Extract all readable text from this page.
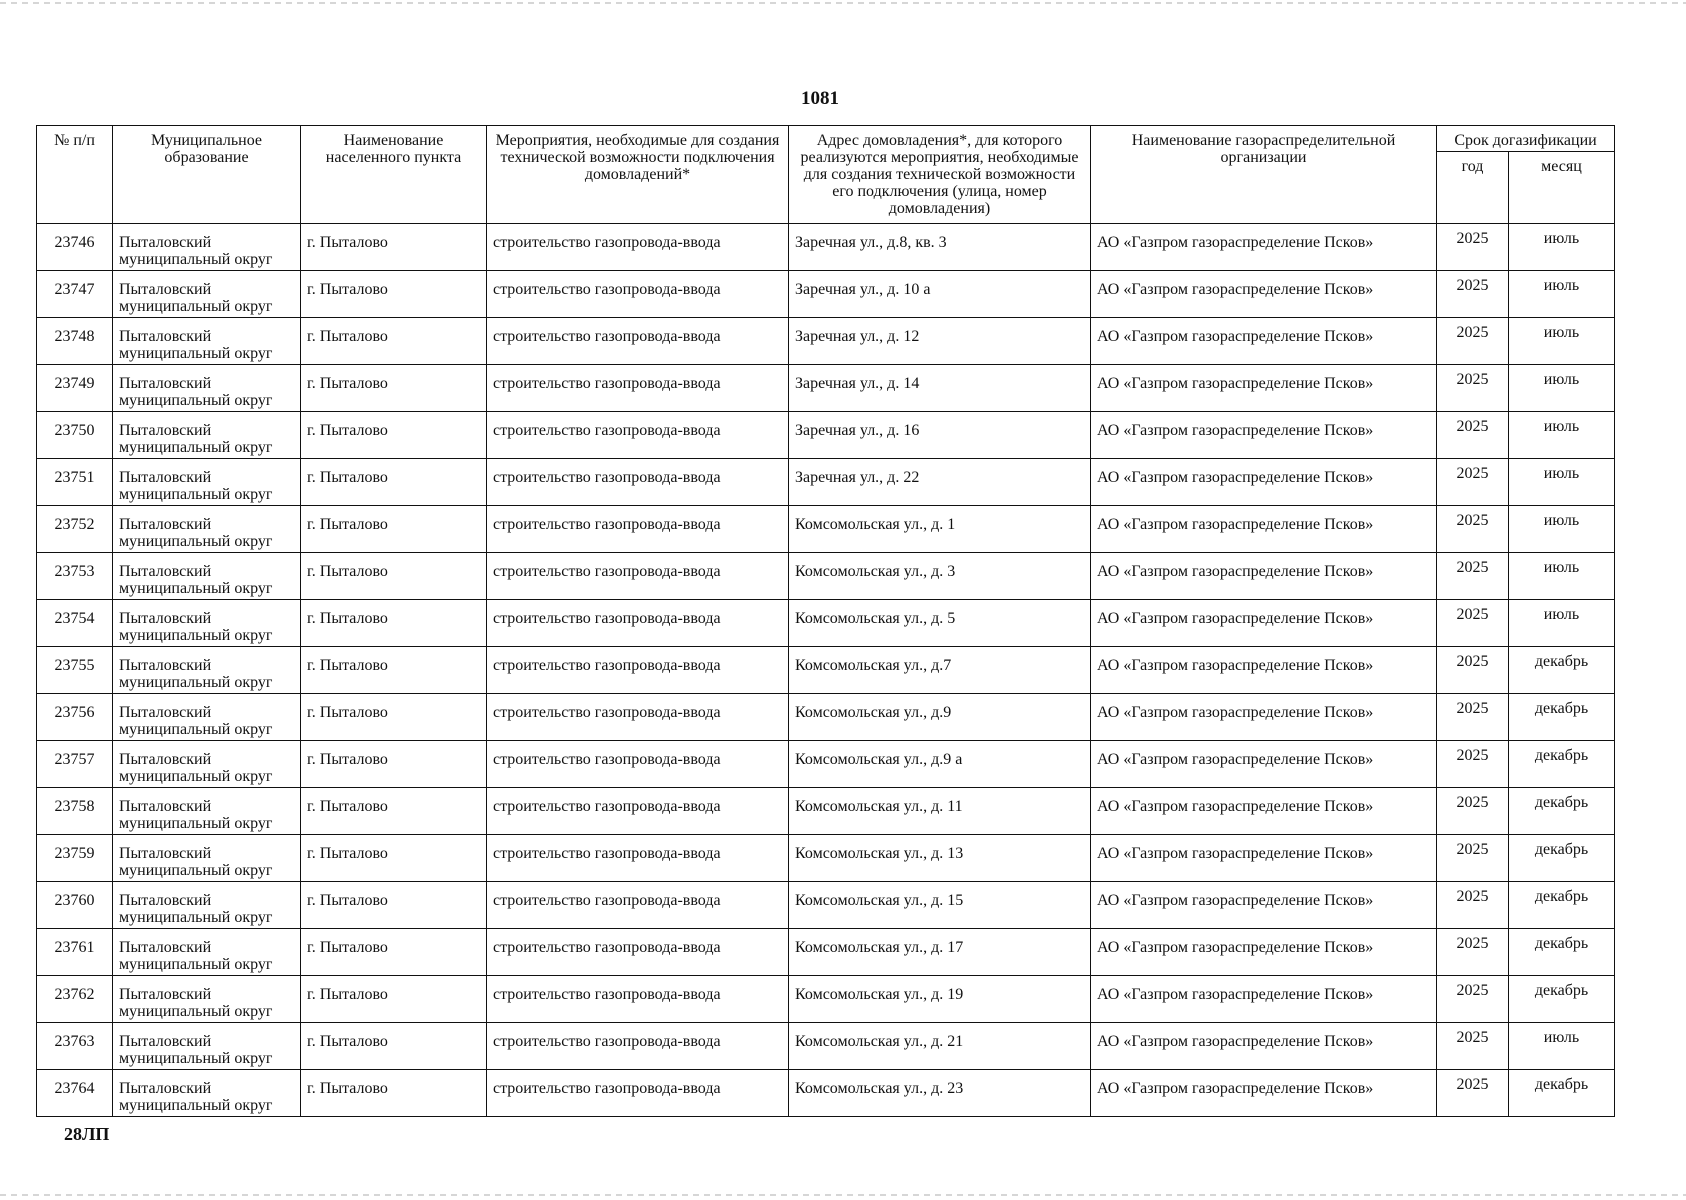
1081
№ п/п	Муниципальное образование	Наименование населенного пункта	Мероприятия, необходимые для создания технической возможности подключения домовладений*	Адрес домовладения*, для которого реализуются мероприятия, необходимые для создания технической возможности его подключения (улица, номер домовладения)	Наименование газораспределительной организации	Срок догазификации	
						год	месяц
23746	Пыталовский муниципальный округ	г. Пыталово	строительство газопровода-ввода	Заречная ул., д.8, кв. 3	АО «Газпром газораспределение Псков»	2025	июль
23747	Пыталовский муниципальный округ	г. Пыталово	строительство газопровода-ввода	Заречная ул., д. 10 а	АО «Газпром газораспределение Псков»	2025	июль
23748	Пыталовский муниципальный округ	г. Пыталово	строительство газопровода-ввода	Заречная ул., д. 12	АО «Газпром газораспределение Псков»	2025	июль
23749	Пыталовский муниципальный округ	г. Пыталово	строительство газопровода-ввода	Заречная ул., д. 14	АО «Газпром газораспределение Псков»	2025	июль
23750	Пыталовский муниципальный округ	г. Пыталово	строительство газопровода-ввода	Заречная ул., д. 16	АО «Газпром газораспределение Псков»	2025	июль
23751	Пыталовский муниципальный округ	г. Пыталово	строительство газопровода-ввода	Заречная ул., д. 22	АО «Газпром газораспределение Псков»	2025	июль
23752	Пыталовский муниципальный округ	г. Пыталово	строительство газопровода-ввода	Комсомольская ул., д. 1	АО «Газпром газораспределение Псков»	2025	июль
23753	Пыталовский муниципальный округ	г. Пыталово	строительство газопровода-ввода	Комсомольская ул., д. 3	АО «Газпром газораспределение Псков»	2025	июль
23754	Пыталовский муниципальный округ	г. Пыталово	строительство газопровода-ввода	Комсомольская ул., д. 5	АО «Газпром газораспределение Псков»	2025	июль
23755	Пыталовский муниципальный округ	г. Пыталово	строительство газопровода-ввода	Комсомольская ул., д.7	АО «Газпром газораспределение Псков»	2025	декабрь
23756	Пыталовский муниципальный округ	г. Пыталово	строительство газопровода-ввода	Комсомольская ул., д.9	АО «Газпром газораспределение Псков»	2025	декабрь
23757	Пыталовский муниципальный округ	г. Пыталово	строительство газопровода-ввода	Комсомольская ул., д.9 а	АО «Газпром газораспределение Псков»	2025	декабрь
23758	Пыталовский муниципальный округ	г. Пыталово	строительство газопровода-ввода	Комсомольская ул., д. 11	АО «Газпром газораспределение Псков»	2025	декабрь
23759	Пыталовский муниципальный округ	г. Пыталово	строительство газопровода-ввода	Комсомольская ул., д. 13	АО «Газпром газораспределение Псков»	2025	декабрь
23760	Пыталовский муниципальный округ	г. Пыталово	строительство газопровода-ввода	Комсомольская ул., д. 15	АО «Газпром газораспределение Псков»	2025	декабрь
23761	Пыталовский муниципальный округ	г. Пыталово	строительство газопровода-ввода	Комсомольская ул., д. 17	АО «Газпром газораспределение Псков»	2025	декабрь
23762	Пыталовский муниципальный округ	г. Пыталово	строительство газопровода-ввода	Комсомольская ул., д. 19	АО «Газпром газораспределение Псков»	2025	декабрь
23763	Пыталовский муниципальный округ	г. Пыталово	строительство газопровода-ввода	Комсомольская ул., д. 21	АО «Газпром газораспределение Псков»	2025	июль
23764	Пыталовский муниципальный округ	г. Пыталово	строительство газопровода-ввода	Комсомольская ул., д. 23	АО «Газпром газораспределение Псков»	2025	декабрь
28ЛП
